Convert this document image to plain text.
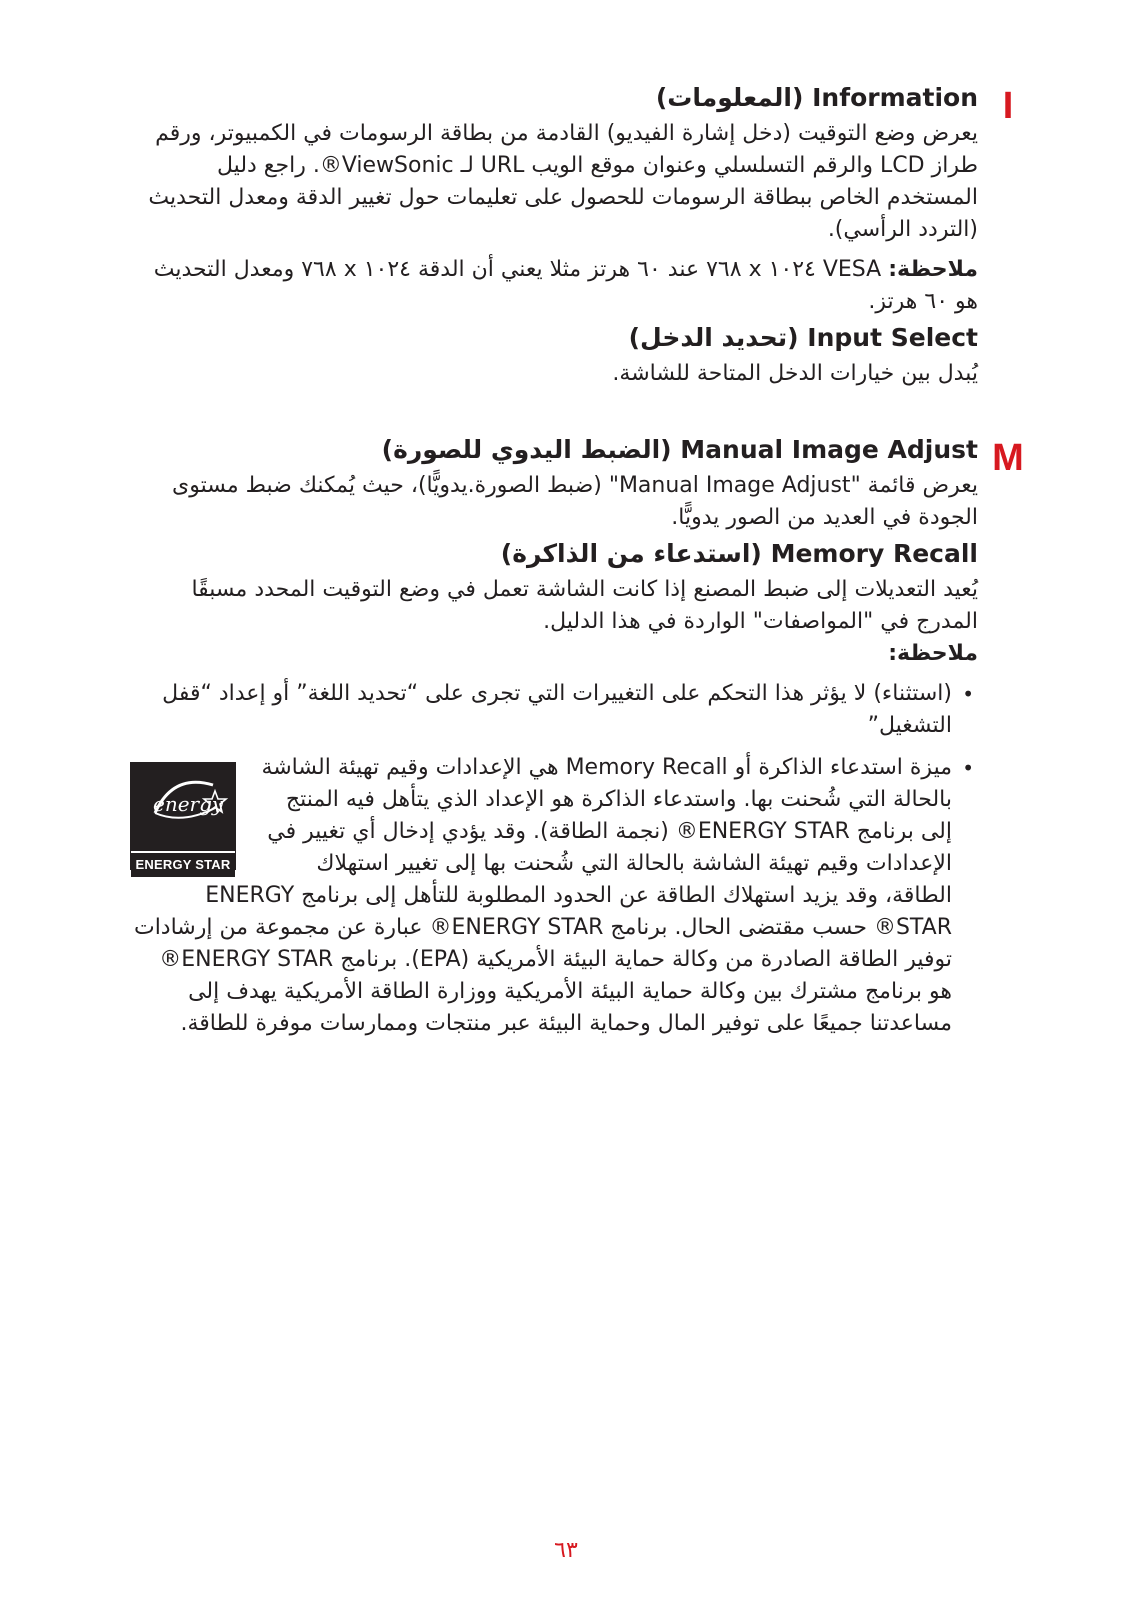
I
M
Information (المعلومات)

يعرض وضع التوقيت (دخل إشارة الفيديو) القادمة من بطاقة الرسومات في الكمبيوتر، ورقم طراز LCD والرقم التسلسلي وعنوان موقع الويب URL لـ ViewSonic®. راجع دليل المستخدم الخاص ببطاقة الرسومات للحصول على تعليمات حول تغيير الدقة ومعدل التحديث (التردد الرأسي).

ملاحظة: VESA ١٠٢٤ x ٧٦٨ عند ٦٠ هرتز مثلا يعني أن الدقة ١٠٢٤ x ٧٦٨ ومعدل التحديث هو ٦٠ هرتز.

Input Select (تحديد الدخل)

يُبدل بين خيارات الدخل المتاحة للشاشة.

Manual Image Adjust (الضبط اليدوي للصورة)

يعرض قائمة "Manual Image Adjust" (ضبط الصورة.يدويًّا)، حيث يُمكنك ضبط مستوى الجودة في العديد من الصور يدويًّا.

Memory Recall (استدعاء من الذاكرة)

يُعيد التعديلات إلى ضبط المصنع إذا كانت الشاشة تعمل في وضع التوقيت المحدد مسبقًا المدرج في "المواصفات" الواردة في هذا الدليل.

ملاحظة:

• (استثناء) لا يؤثر هذا التحكم على التغييرات التي تجرى على “تحديد اللغة” أو إعداد “قفل التشغيل”
• energy
ENERGY STAR
ميزة استدعاء الذاكرة أو Memory Recall هي الإعدادات وقيم تهيئة الشاشة بالحالة التي شُحنت بها. واستدعاء الذاكرة هو الإعداد الذي يتأهل فيه المنتج إلى برنامج ENERGY STAR® (نجمة الطاقة). وقد يؤدي إدخال أي تغيير في الإعدادات وقيم تهيئة الشاشة بالحالة التي شُحنت بها إلى تغيير استهلاك الطاقة، وقد يزيد استهلاك الطاقة عن الحدود المطلوبة للتأهل إلى برنامج ENERGY STAR® حسب مقتضى الحال. برنامج ENERGY STAR® عبارة عن مجموعة من إرشادات توفير الطاقة الصادرة من وكالة حماية البيئة الأمريكية (EPA). برنامج ENERGY STAR® هو برنامج مشترك بين وكالة حماية البيئة الأمريكية ووزارة الطاقة الأمريكية يهدف إلى مساعدتنا جميعًا على توفير المال وحماية البيئة عبر منتجات وممارسات موفرة للطاقة.
٦٣
